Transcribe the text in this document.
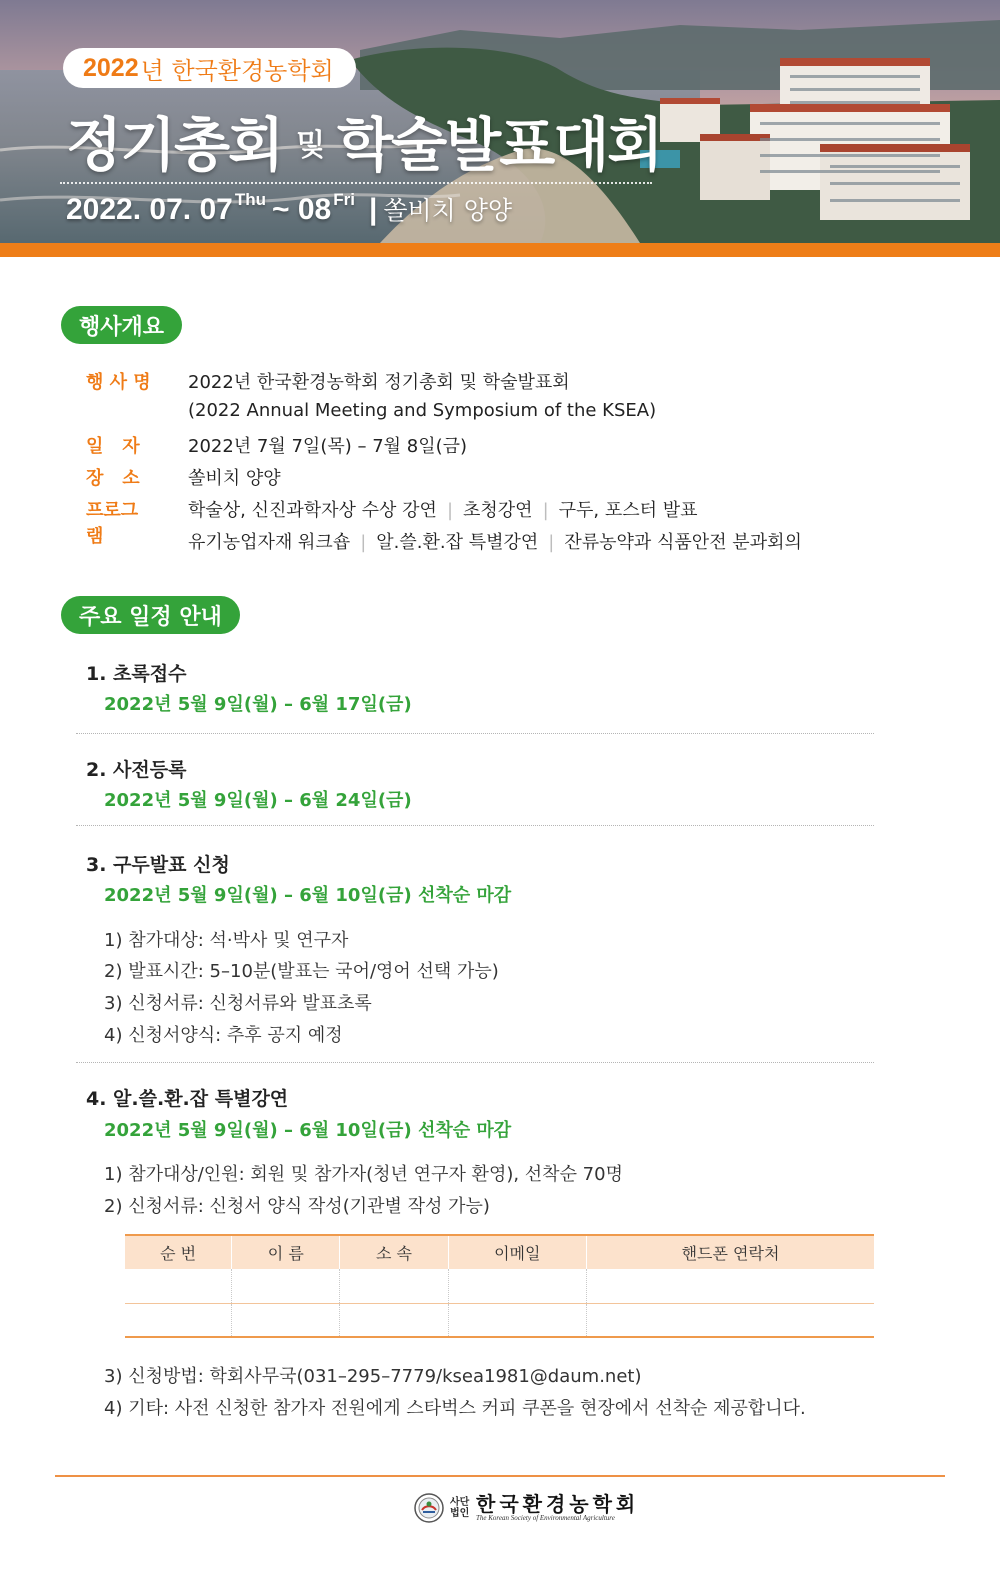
2022 년 한국환경농학회
정기총회 및 학술발표대회
2022. 07. 07 $^{Thu}$ ~ 08 $^{Fri}$ | 쏠비치 양양
행사개요
행 사 명	2022년 한국환경농학회 정기총회 및 학술발표회
(2022 Annual Meeting and Symposium of the KSEA)
일   자	2022년 7월 7일(목) – 7월 8일(금)
장   소	쏠비치 양양
프로그램
학술상, 신진과학자상 수상 강연 | 초청강연 | 구두, 포스터 발표
유기농업자재 워크숍 | 알.쓸.환.잡 특별강연 | 잔류농약과 식품안전 분과회의
주요 일정 안내
1. 초록접수
2022년 5월 9일(월) – 6월 17일(금)
2. 사전등록
2022년 5월 9일(월) – 6월 24일(금)
3. 구두발표 신청
2022년 5월 9일(월) – 6월 10일(금) 선착순 마감
1) 참가대상: 석·박사 및 연구자
2) 발표시간: 5–10분(발표는 국어/영어 선택 가능)
3) 신청서류: 신청서류와 발표초록
4) 신청서양식: 추후 공지 예정
4. 알.쓸.환.잡 특별강연
2022년 5월 9일(월) – 6월 10일(금) 선착순 마감
1) 참가대상/인원: 회원 및 참가자(청년 연구자 환영), 선착순 70명
2) 신청서류: 신청서 양식 작성(기관별 작성 가능)
순 번	이 름	소 속	이메일	핸드폰 연락처

3) 신청방법: 학회사무국(031–295–7779/ksea1981@daum.net)
4) 기타: 사전 신청한 참가자 전원에게 스타벅스 커피 쿠폰을 현장에서 선착순 제공합니다.
사단 법인 한국환경농학회
The Korean Society of Environmental Agriculture
